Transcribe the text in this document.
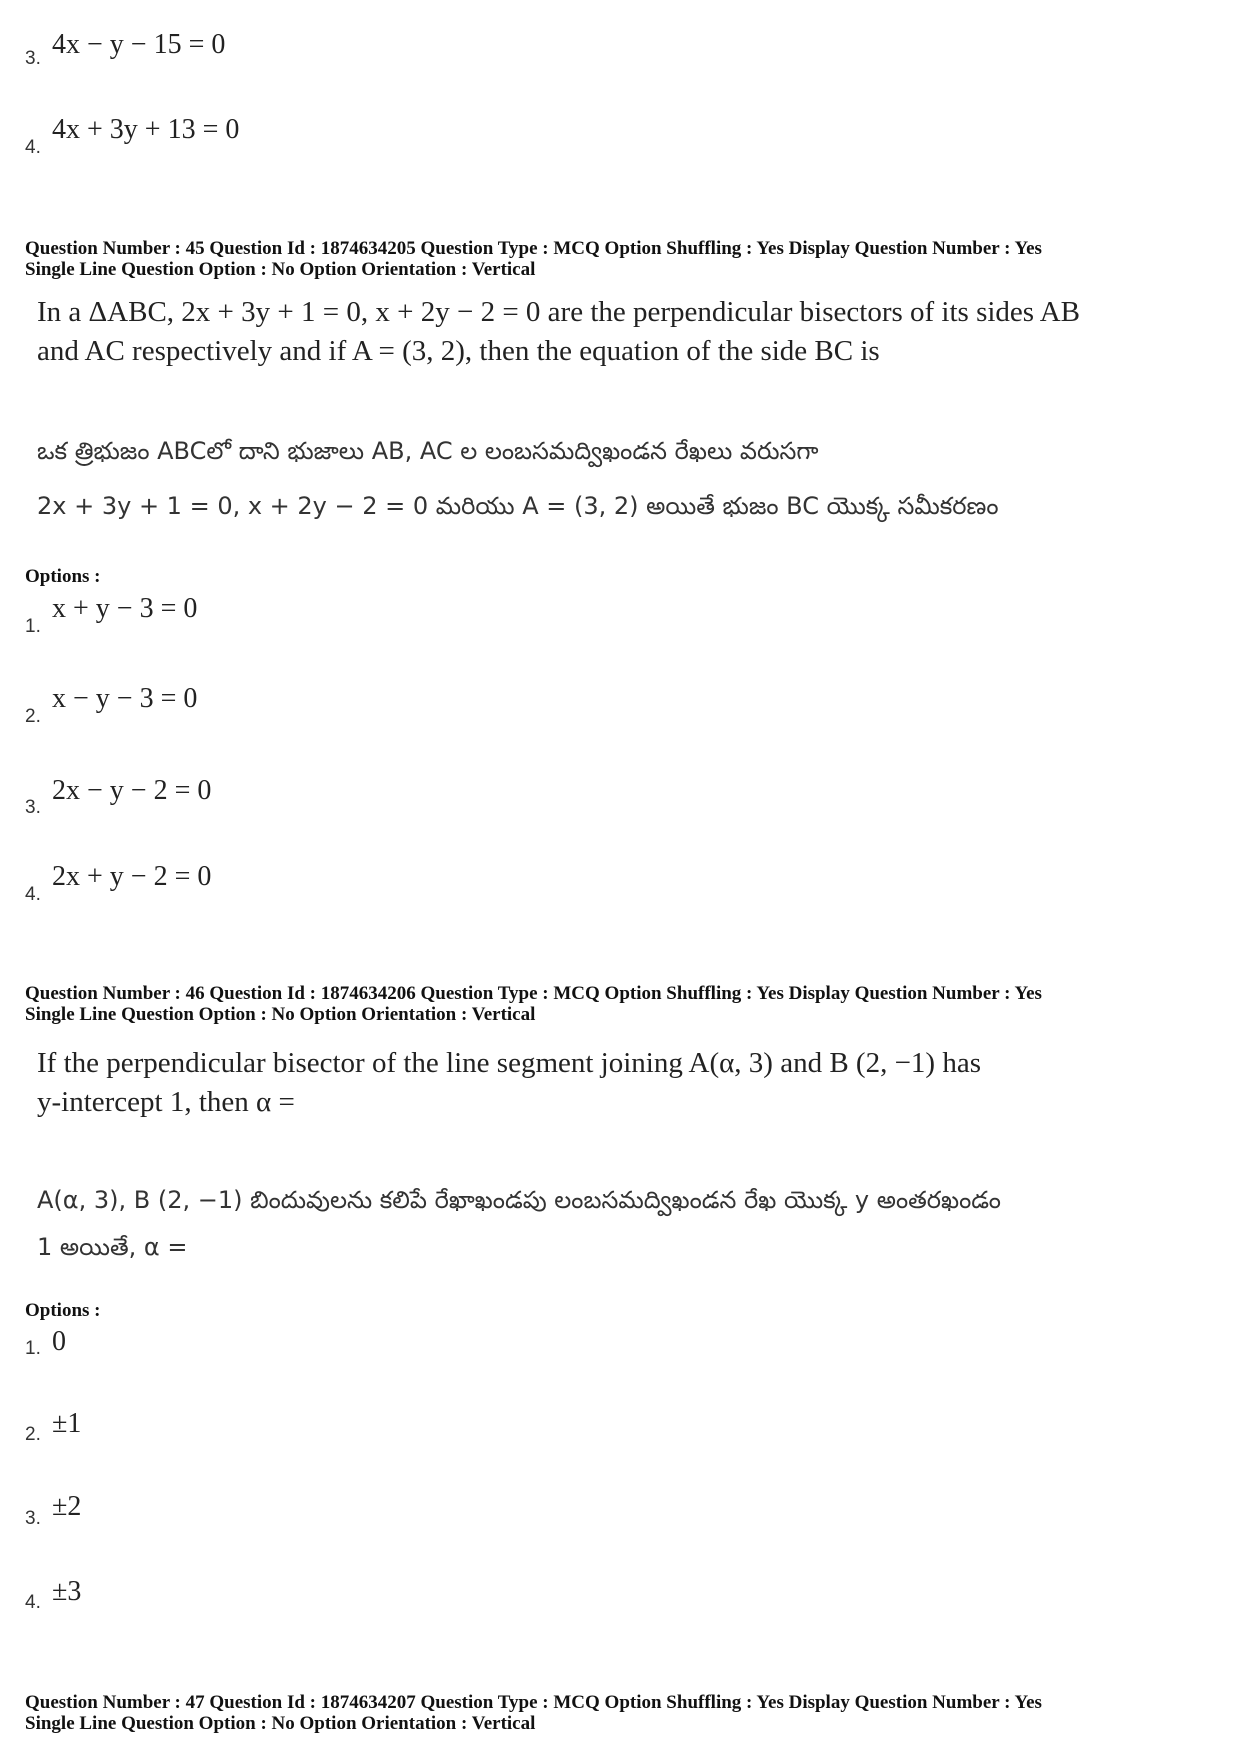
3. 4x − y − 15 = 0
4.
4x + 3y + 13 = 0
Question Number : 45 Question Id : 1874634205 Question Type : MCQ Option Shuffling : Yes Display Question Number : Yes
Single Line Question Option : No Option Orientation : Vertical
In a ΔABC, 2x + 3y + 1 = 0, x + 2y − 2 = 0 are the perpendicular bisectors of its sides AB
and AC respectively and if A = (3, 2), then the equation of the side BC is
ఒక త్రిభుజం ABCలో దాని భుజాలు AB, AC ల లంబసమద్విఖండన రేఖలు వరుసగా
2x + 3y + 1 = 0, x + 2y − 2 = 0 మరియు A = (3, 2) అయితే భుజం BC యొక్క సమీకరణం
Options :
1.
x + y − 3 = 0
2.
x − y − 3 = 0
3.
2x − y − 2 = 0
4.
2x + y − 2 = 0
Question Number : 46 Question Id : 1874634206 Question Type : MCQ Option Shuffling : Yes Display Question Number : Yes
Single Line Question Option : No Option Orientation : Vertical
If the perpendicular bisector of the line segment joining A(α, 3) and B (2, −1) has
y-intercept 1, then α =
A(α, 3), B (2, −1) బిందువులను కలిపే రేఖాఖండపు లంబసమద్విఖండన రేఖ యొక్క y అంతరఖండం
1 అయితే, α =
Options :
1. 0
2. ±1
3. ±2
4. ±3
Question Number : 47 Question Id : 1874634207 Question Type : MCQ Option Shuffling : Yes Display Question Number : Yes
Single Line Question Option : No Option Orientation : Vertical
